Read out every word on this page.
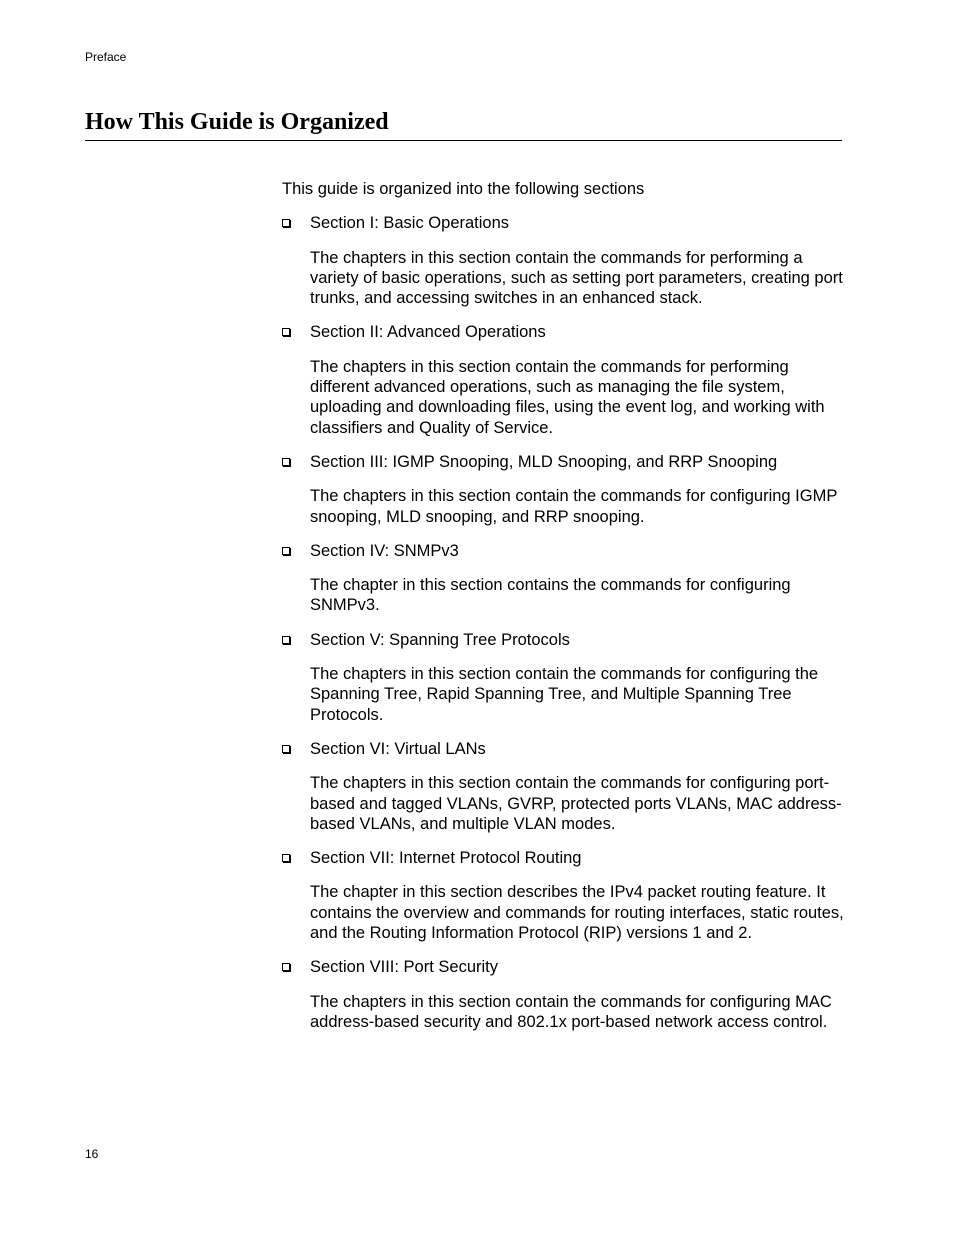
Preface
How This Guide is Organized

This guide is organized into the following sections

Section I: Basic Operations

The chapters in this section contain the commands for performing a variety of basic operations, such as setting port parameters, creating port trunks, and accessing switches in an enhanced stack.

Section II: Advanced Operations

The chapters in this section contain the commands for performing different advanced operations, such as managing the file system, uploading and downloading files, using the event log, and working with classifiers and Quality of Service.

Section III: IGMP Snooping, MLD Snooping, and RRP Snooping

The chapters in this section contain the commands for configuring IGMP snooping, MLD snooping, and RRP snooping.

Section IV: SNMPv3

The chapter in this section contains the commands for configuring SNMPv3.

Section V: Spanning Tree Protocols

The chapters in this section contain the commands for configuring the Spanning Tree, Rapid Spanning Tree, and Multiple Spanning Tree Protocols.

Section VI: Virtual LANs

The chapters in this section contain the commands for configuring port-based and tagged VLANs, GVRP, protected ports VLANs, MAC address-based VLANs, and multiple VLAN modes.

Section VII: Internet Protocol Routing

The chapter in this section describes the IPv4 packet routing feature. It contains the overview and commands for routing interfaces, static routes, and the Routing Information Protocol (RIP) versions 1 and 2.

Section VIII: Port Security

The chapters in this section contain the commands for configuring MAC address-based security and 802.1x port-based network access control.

16
